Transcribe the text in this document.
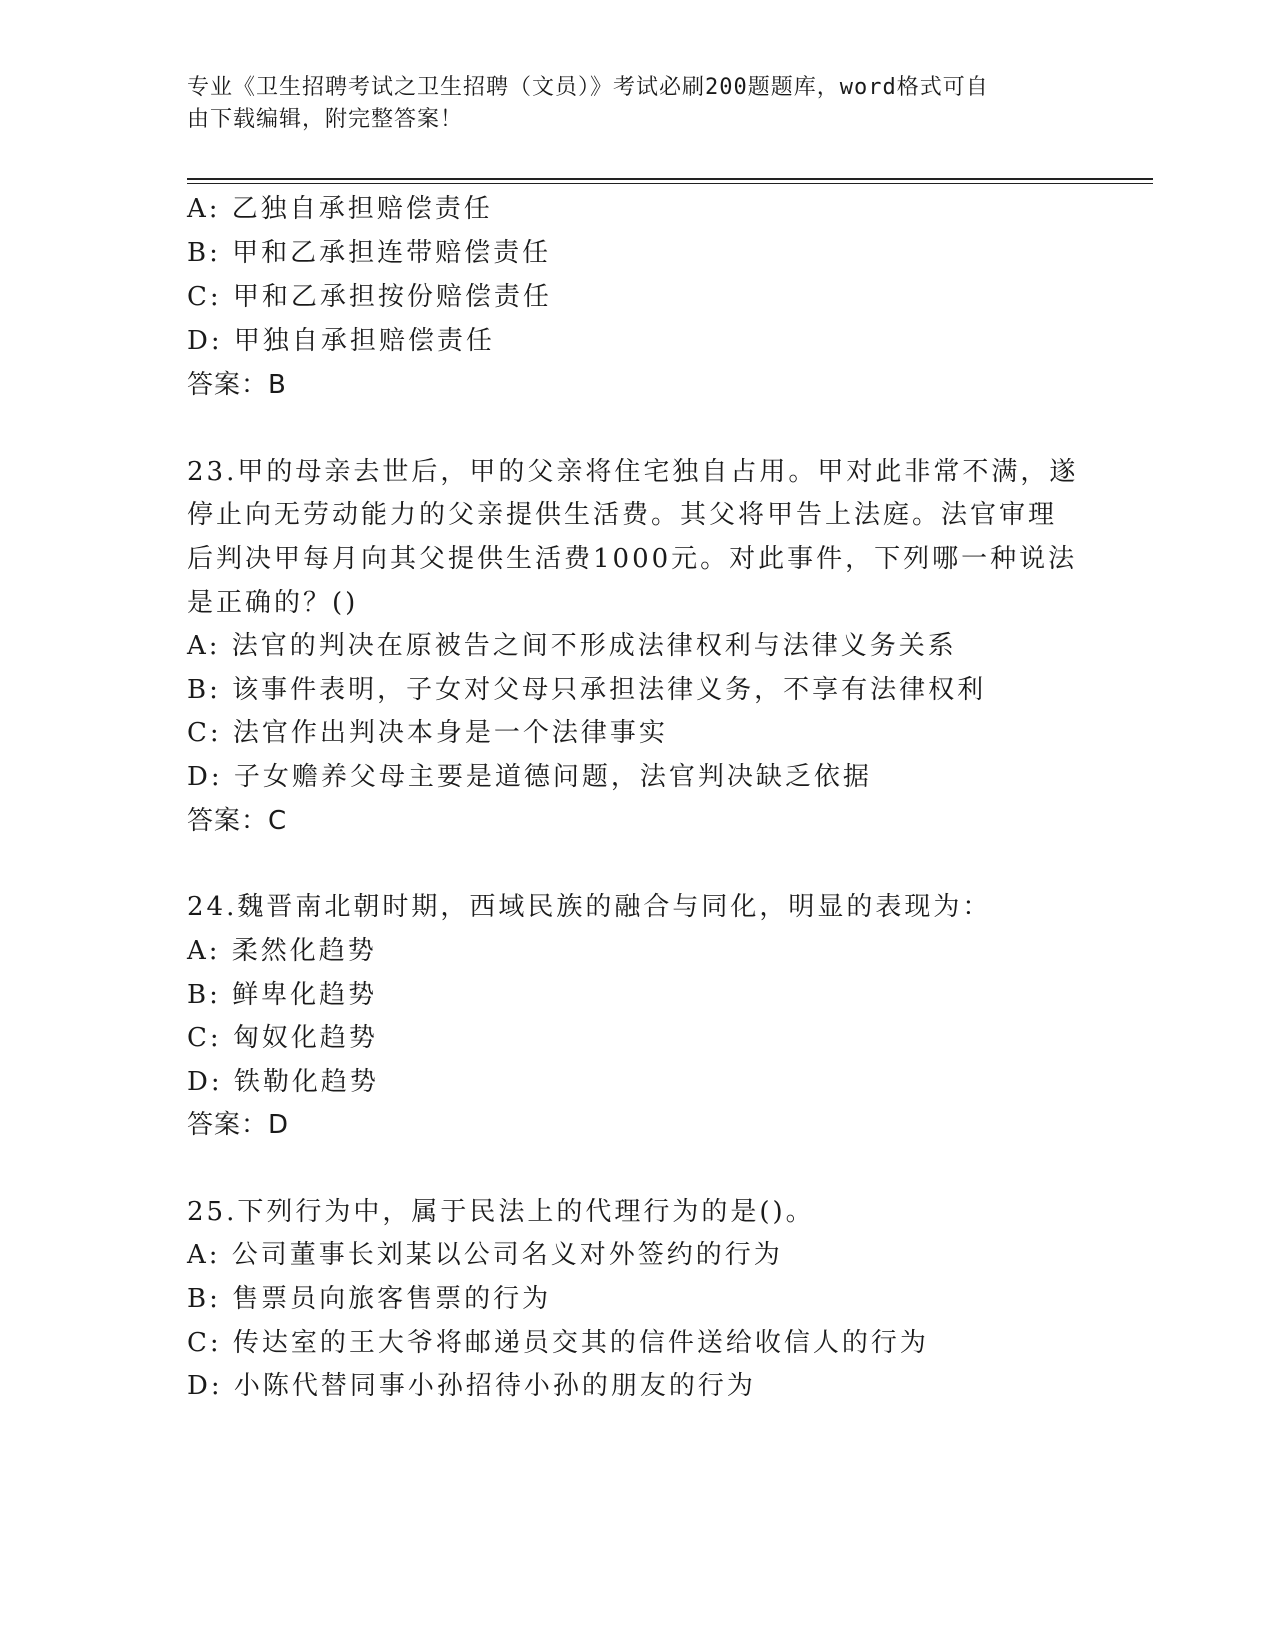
专业《卫生招聘考试之卫生招聘（文员）》考试必刷200题题库，word格式可自
由下载编辑，附完整答案！
A: 乙独自承担赔偿责任
B: 甲和乙承担连带赔偿责任
C: 甲和乙承担按份赔偿责任
D: 甲独自承担赔偿责任
答案：B
23.甲的母亲去世后，甲的父亲将住宅独自占用。甲对此非常不满，遂
停止向无劳动能力的父亲提供生活费。其父将甲告上法庭。法官审理
后判决甲每月向其父提供生活费1000元。对此事件，下列哪一种说法
是正确的？()
A: 法官的判决在原被告之间不形成法律权利与法律义务关系
B: 该事件表明，子女对父母只承担法律义务，不享有法律权利
C: 法官作出判决本身是一个法律事实
D: 子女赡养父母主要是道德问题，法官判决缺乏依据
答案：C
24.魏晋南北朝时期，西域民族的融合与同化，明显的表现为：
A: 柔然化趋势
B: 鲜卑化趋势
C: 匈奴化趋势
D: 铁勒化趋势
答案：D
25.下列行为中，属于民法上的代理行为的是()。
A: 公司董事长刘某以公司名义对外签约的行为
B: 售票员向旅客售票的行为
C: 传达室的王大爷将邮递员交其的信件送给收信人的行为
D: 小陈代替同事小孙招待小孙的朋友的行为
